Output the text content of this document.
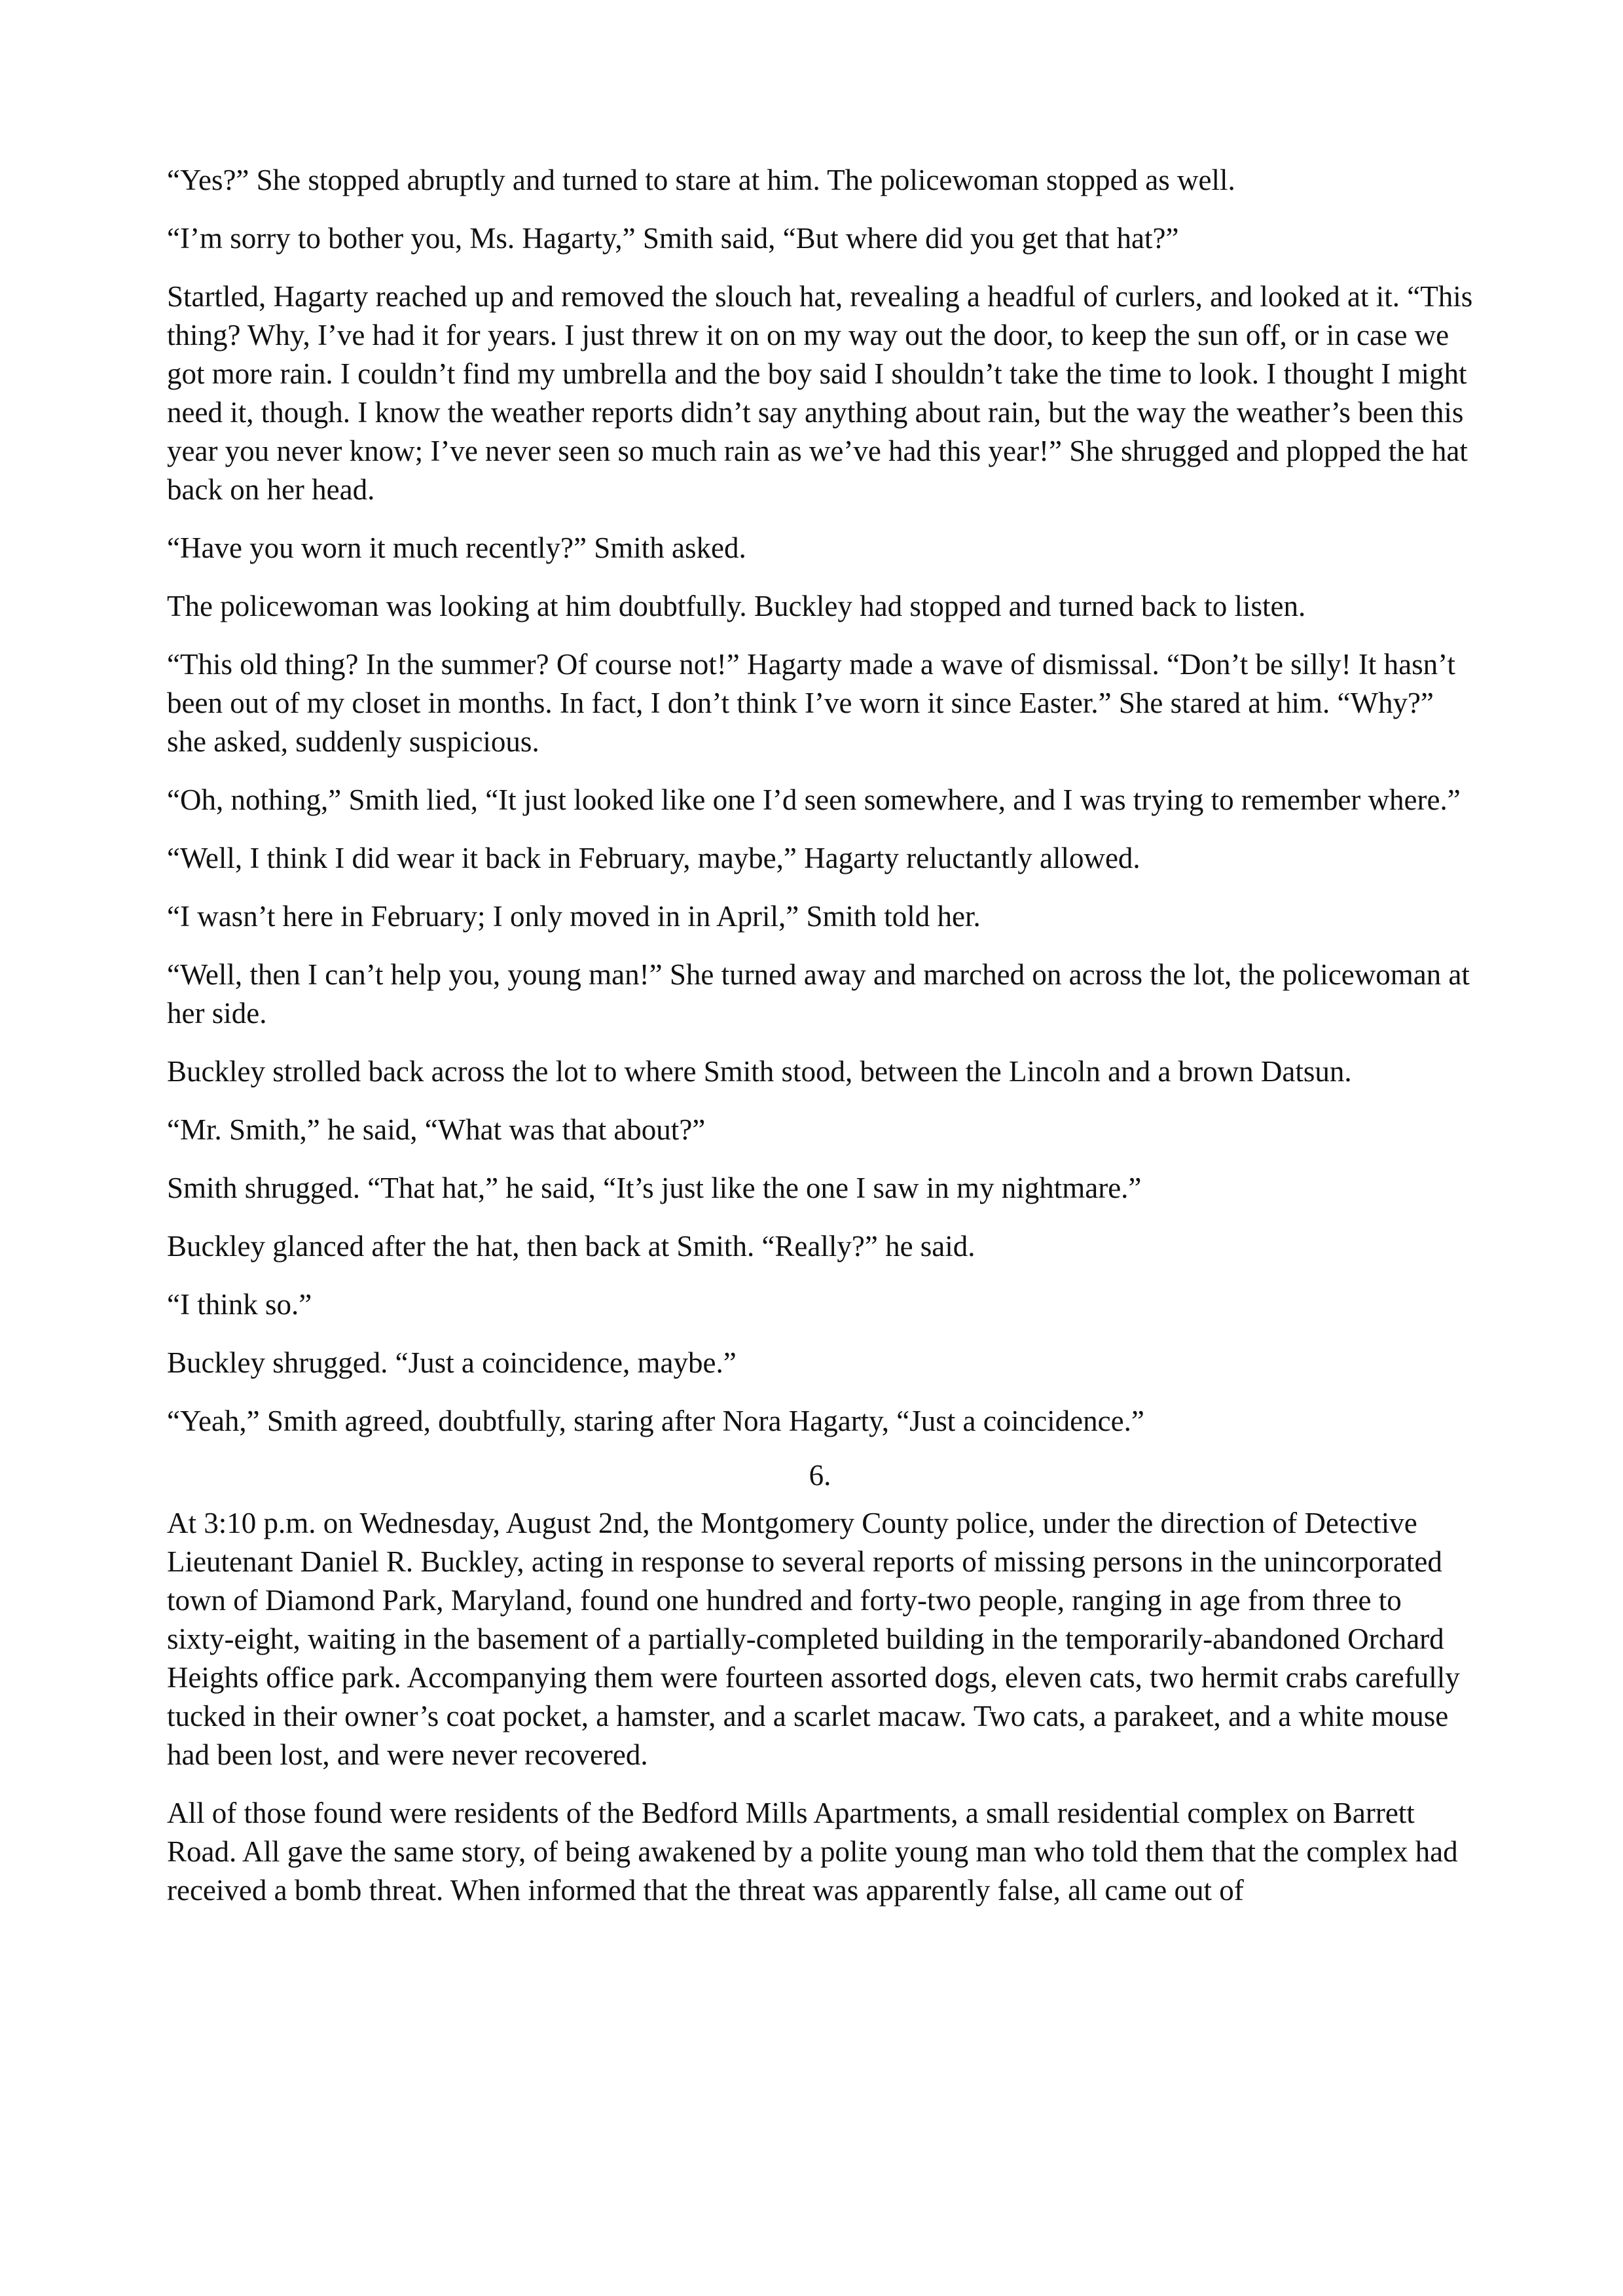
“Yes?” She stopped abruptly and turned to stare at him. The policewoman stopped as well.

“I’m sorry to bother you, Ms. Hagarty,” Smith said, “But where did you get that hat?”

Startled, Hagarty reached up and removed the slouch hat, revealing a headful of curlers, and looked at it. “This thing? Why, I’ve had it for years. I just threw it on on my way out the door, to keep the sun off, or in case we got more rain. I couldn’t find my umbrella and the boy said I shouldn’t take the time to look. I thought I might need it, though. I know the weather reports didn’t say anything about rain, but the way the weather’s been this year you never know; I’ve never seen so much rain as we’ve had this year!” She shrugged and plopped the hat back on her head.

“Have you worn it much recently?” Smith asked.

The policewoman was looking at him doubtfully. Buckley had stopped and turned back to listen.

“This old thing? In the summer? Of course not!” Hagarty made a wave of dismissal. “Don’t be silly! It hasn’t been out of my closet in months. In fact, I don’t think I’ve worn it since Easter.” She stared at him. “Why?” she asked, suddenly suspicious.

“Oh, nothing,” Smith lied, “It just looked like one I’d seen somewhere, and I was trying to remember where.”

“Well, I think I did wear it back in February, maybe,” Hagarty reluctantly allowed.

“I wasn’t here in February; I only moved in in April,” Smith told her.

“Well, then I can’t help you, young man!” She turned away and marched on across the lot, the policewoman at her side.

Buckley strolled back across the lot to where Smith stood, between the Lincoln and a brown Datsun.

“Mr. Smith,” he said, “What was that about?”

Smith shrugged. “That hat,” he said, “It’s just like the one I saw in my nightmare.”

Buckley glanced after the hat, then back at Smith. “Really?” he said.

“I think so.”

Buckley shrugged. “Just a coincidence, maybe.”

“Yeah,” Smith agreed, doubtfully, staring after Nora Hagarty, “Just a coincidence.”

6.

At 3:10 p.m. on Wednesday, August 2nd, the Montgomery County police, under the direction of Detective Lieutenant Daniel R. Buckley, acting in response to several reports of missing persons in the unincorporated town of Diamond Park, Maryland, found one hundred and forty-two people, ranging in age from three to sixty-eight, waiting in the basement of a partially-completed building in the temporarily-abandoned Orchard Heights office park. Accompanying them were fourteen assorted dogs, eleven cats, two hermit crabs carefully tucked in their owner’s coat pocket, a hamster, and a scarlet macaw. Two cats, a parakeet, and a white mouse had been lost, and were never recovered.

All of those found were residents of the Bedford Mills Apartments, a small residential complex on Barrett Road. All gave the same story, of being awakened by a polite young man who told them that the complex had received a bomb threat. When informed that the threat was apparently false, all came out of
